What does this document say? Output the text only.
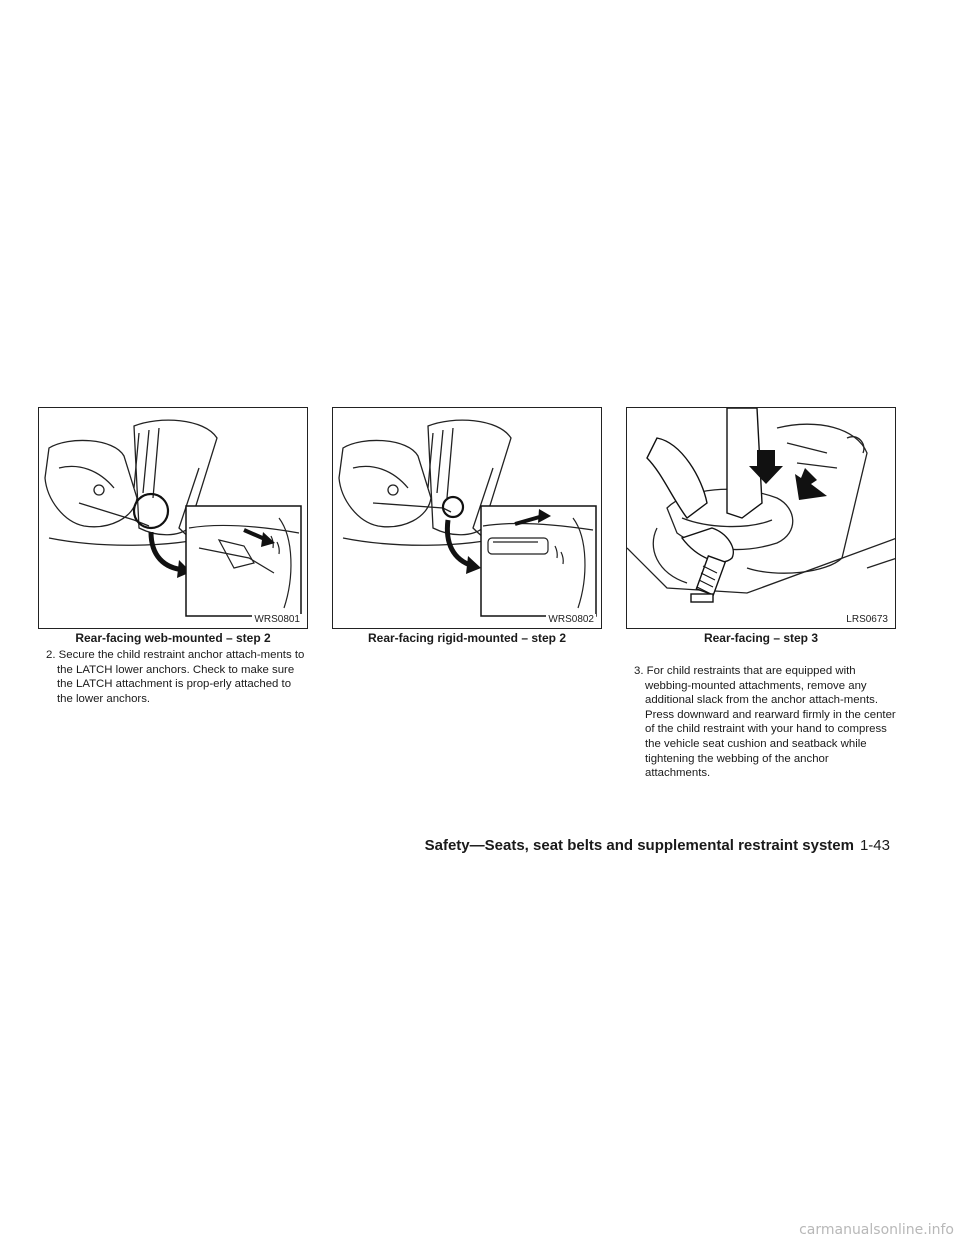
WRS0801
Rear-facing web-mounted – step 2
WRS0802
Rear-facing rigid-mounted – step 2
LRS0673
Rear-facing – step 3

2. Secure the child restraint anchor attach-ments to the LATCH lower anchors. Check to make sure the LATCH attachment is prop-erly attached to the lower anchors.

3. For child restraints that are equipped with webbing-mounted attachments, remove any additional slack from the anchor attach-ments. Press downward and rearward firmly in the center of the child restraint with your hand to compress the vehicle seat cushion and seatback while tightening the webbing of the anchor attachments.

Safety—Seats, seat belts and supplemental restraint system 1-43
carmanualsonline.info
